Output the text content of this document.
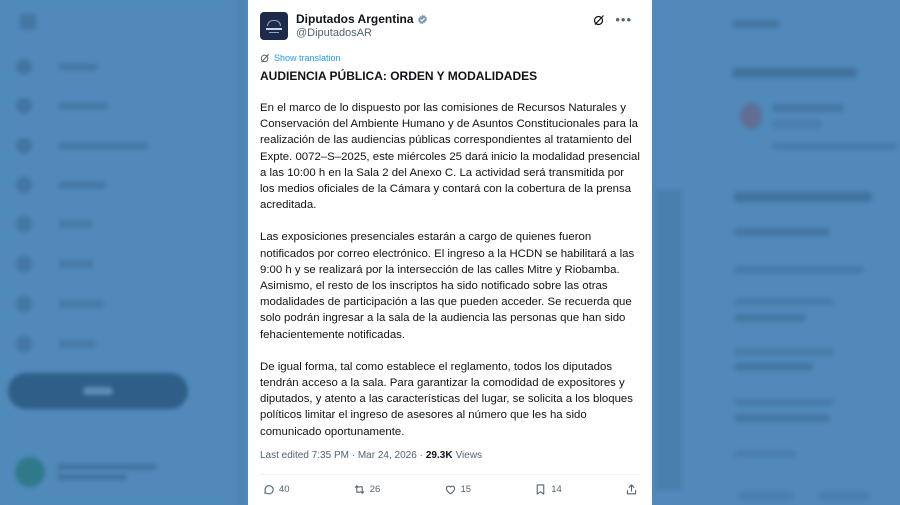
Diputados Argentina
@DiputadosAR
•••
Show translation
AUDIENCIA PÚBLICA: ORDEN Y MODALIDADES

En el marco de lo dispuesto por las comisiones de Recursos Naturales y Conservación del Ambiente Humano y de Asuntos Constitucionales para la realización de las audiencias públicas correspondientes al tratamiento del Expte. 0072–S–2025, este miércoles 25 dará inicio la modalidad presencial a las 10:00 h en la Sala 2 del Anexo C. La actividad será transmitida por los medios oficiales de la Cámara y contará con la cobertura de la prensa acreditada.

Las exposiciones presenciales estarán a cargo de quienes fueron notificados por correo electrónico. El ingreso a la HCDN se habilitará a las 9:00 h y se realizará por la intersección de las calles Mitre y Riobamba. Asimismo, el resto de los inscriptos ha sido notificado sobre las otras modalidades de participación a las que pueden acceder. Se recuerda que solo podrán ingresar a la sala de la audiencia las personas que han sido fehacientemente notificadas.

De igual forma, tal como establece el reglamento, todos los diputados tendrán acceso a la sala. Para garantizar la comodidad de expositores y diputados, y atento a las características del lugar, se solicita a los bloques políticos limitar el ingreso de asesores al número que les ha sido comunicado oportunamente.

Last edited 7:35 PM · Mar 24, 2026 · 29.3K Views
40	26	15	14
